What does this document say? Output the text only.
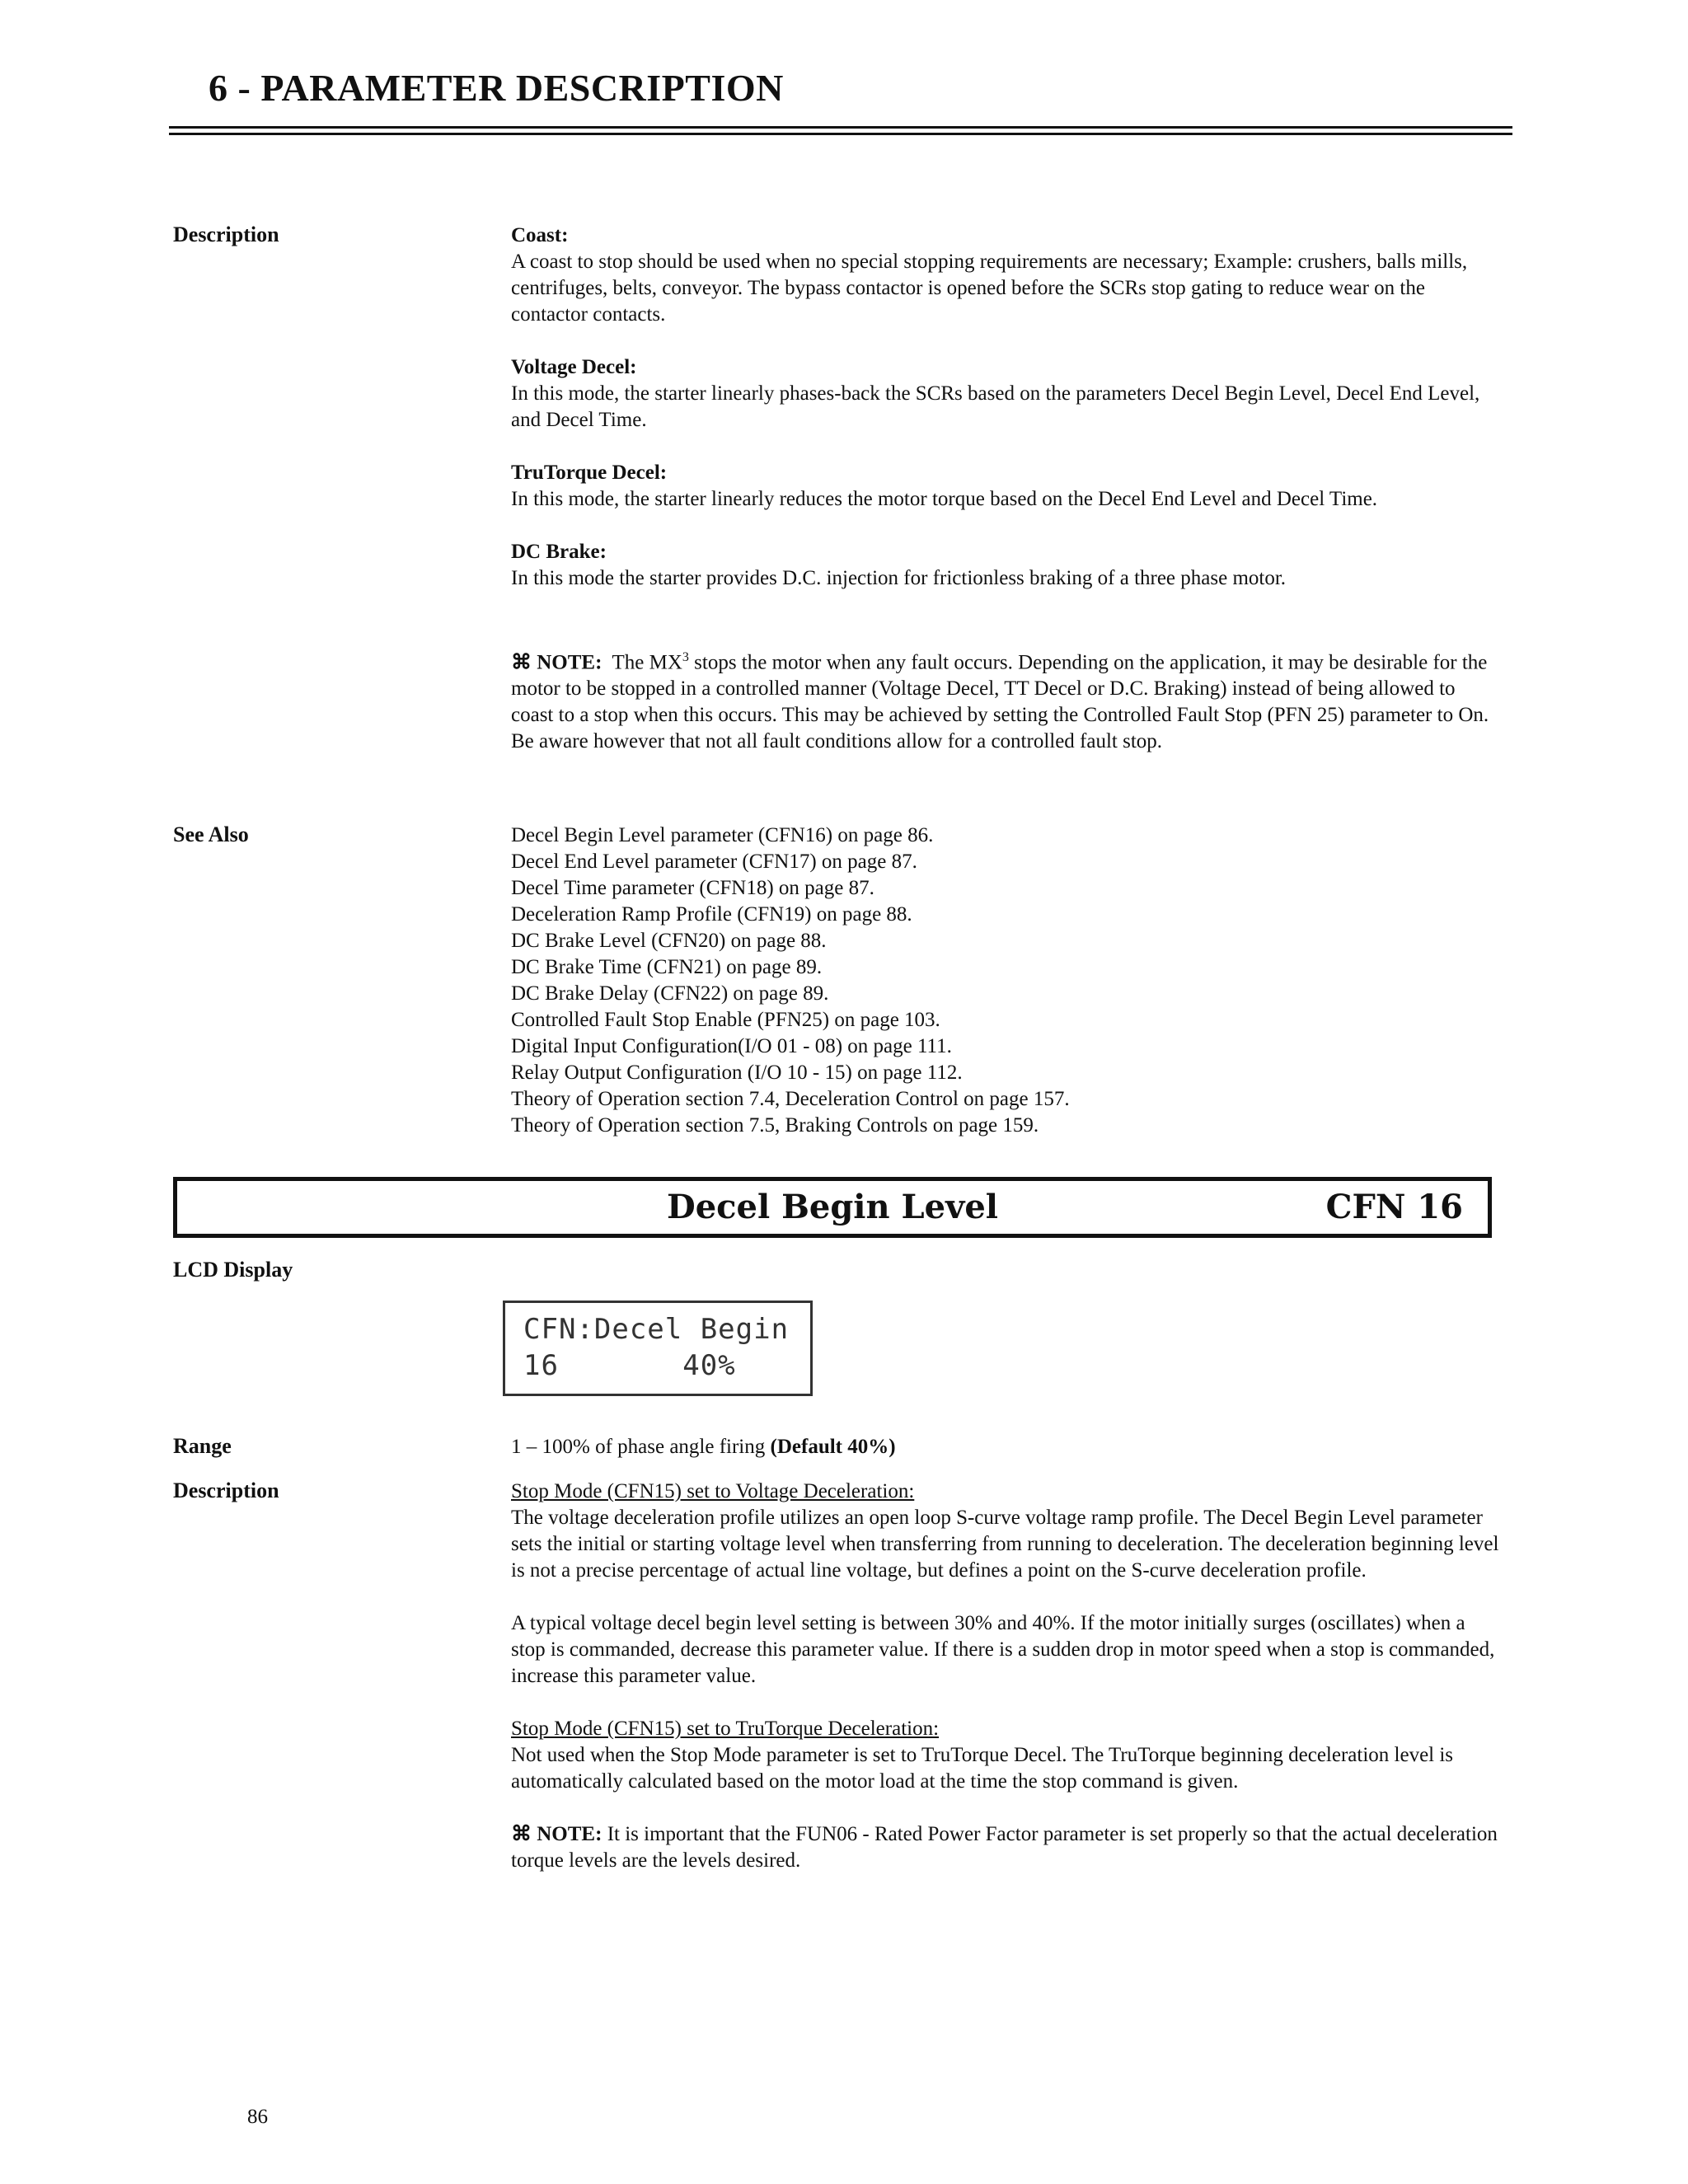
6 - PARAMETER DESCRIPTION
Description	Coast:
A coast to stop should be used when no special stopping requirements are necessary; Example: crushers, balls mills, centrifuges, belts, conveyor. The bypass contactor is opened before the SCRs stop gating to reduce wear on the contactor contacts.

Voltage Decel:
In this mode, the starter linearly phases-back the SCRs based on the parameters Decel Begin Level, Decel End Level, and Decel Time.

TruTorque Decel:
In this mode, the starter linearly reduces the motor torque based on the Decel End Level and Decel Time.

DC Brake:
In this mode the starter provides D.C. injection for frictionless braking of a three phase motor.

⌘ NOTE: The $MX^3$ stops the motor when any fault occurs. Depending on the application, it may be desirable for the motor to be stopped in a controlled manner (Voltage Decel, TT Decel or D.C. Braking) instead of being allowed to coast to a stop when this occurs. This may be achieved by setting the Controlled Fault Stop (PFN 25) parameter to On. Be aware however that not all fault conditions allow for a controlled fault stop.

See Also	Decel Begin Level parameter (CFN16) on page 86.
Decel End Level parameter (CFN17) on page 87.
Decel Time parameter (CFN18) on page 87.
Deceleration Ramp Profile (CFN19) on page 88.
DC Brake Level (CFN20) on page 88.
DC Brake Time (CFN21) on page 89.
DC Brake Delay (CFN22) on page 89.
Controlled Fault Stop Enable (PFN25) on page 103.
Digital Input Configuration(I/O 01 - 08) on page 111.
Relay Output Configuration (I/O 10 - 15) on page 112.
Theory of Operation section 7.4, Deceleration Control on page 157.
Theory of Operation section 7.5, Braking Controls on page 159.
Decel Begin Level	CFN 16
LCD Display
CFN:Decel Begin
16       40%
Range	1 – 100% of phase angle firing (Default 40%)
Description	Stop Mode (CFN15) set to Voltage Deceleration:
The voltage deceleration profile utilizes an open loop S-curve voltage ramp profile. The Decel Begin Level parameter sets the initial or starting voltage level when transferring from running to deceleration. The deceleration beginning level is not a precise percentage of actual line voltage, but defines a point on the S-curve deceleration profile.

A typical voltage decel begin level setting is between 30% and 40%. If the motor initially surges (oscillates) when a stop is commanded, decrease this parameter value. If there is a sudden drop in motor speed when a stop is commanded, increase this parameter value.

Stop Mode (CFN15) set to TruTorque Deceleration:
Not used when the Stop Mode parameter is set to TruTorque Decel. The TruTorque beginning deceleration level is automatically calculated based on the motor load at the time the stop command is given.

⌘ NOTE: It is important that the FUN06 - Rated Power Factor parameter is set properly so that the actual deceleration torque levels are the levels desired.

86
